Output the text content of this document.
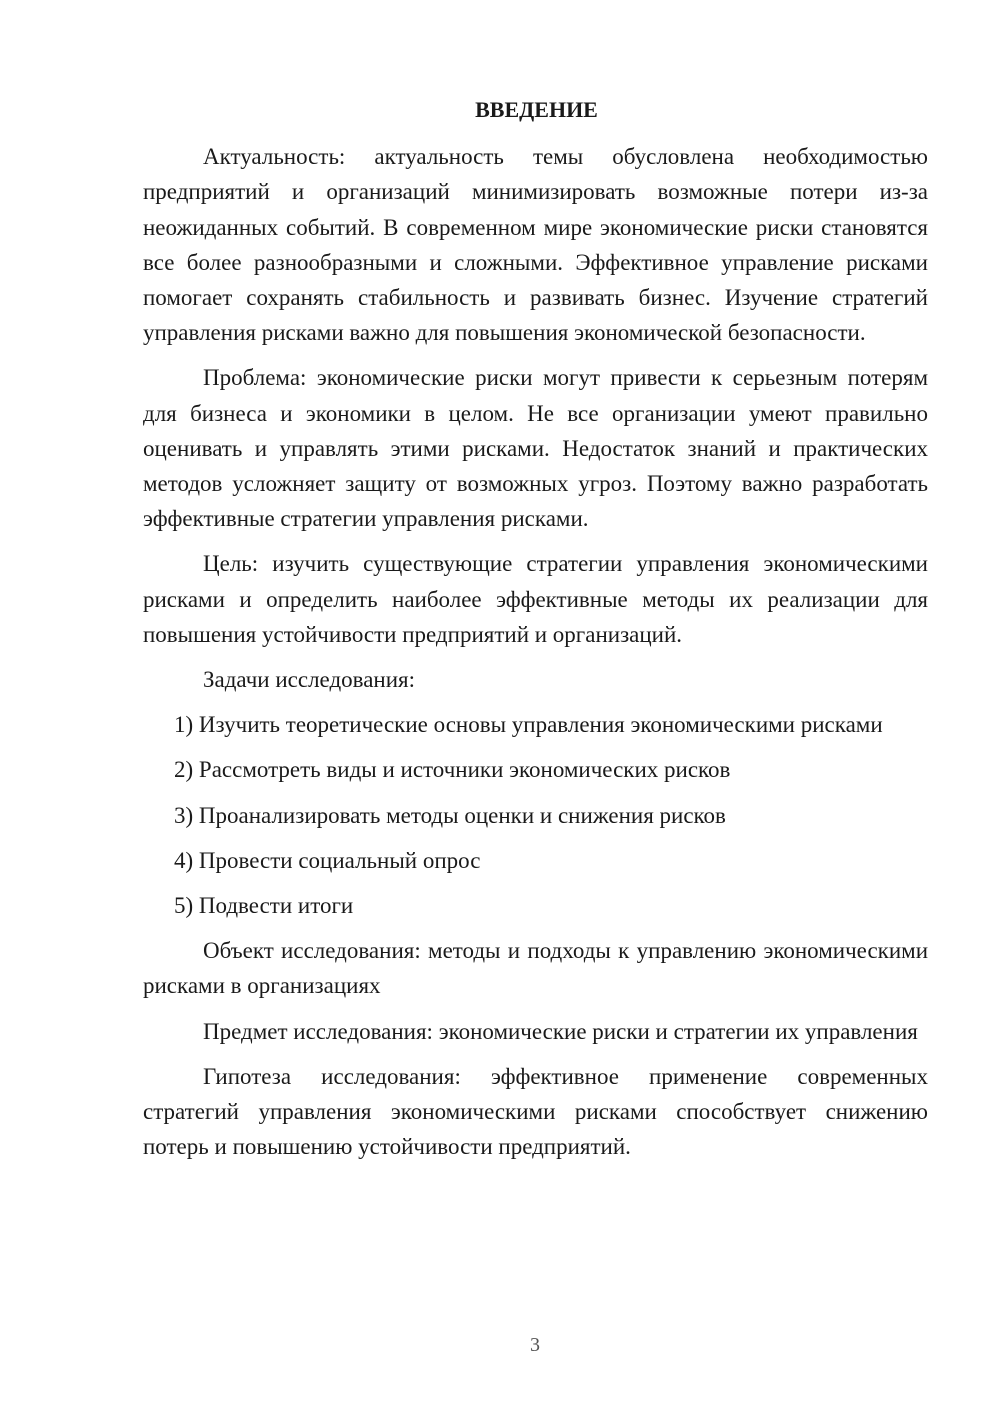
ВВЕДЕНИЕ

Актуальность: актуальность темы обусловлена необходимостью предприятий и организаций минимизировать возможные потери из-за неожиданных событий. В современном мире экономические риски становятся все более разнообразными и сложными. Эффективное управление рисками помогает сохранять стабильность и развивать бизнес. Изучение стратегий управления рисками важно для повышения экономической безопасности.

Проблема: экономические риски могут привести к серьезным потерям для бизнеса и экономики в целом. Не все организации умеют правильно оценивать и управлять этими рисками. Недостаток знаний и практических методов усложняет защиту от возможных угроз. Поэтому важно разработать эффективные стратегии управления рисками.

Цель: изучить существующие стратегии управления экономическими рисками и определить наиболее эффективные методы их реализации для повышения устойчивости предприятий и организаций.

Задачи исследования:

1) Изучить теоретические основы управления экономическими рисками

2) Рассмотреть виды и источники экономических рисков

3) Проанализировать методы оценки и снижения рисков

4) Провести социальный опрос

5) Подвести итоги

Объект исследования: методы и подходы к управлению экономическими рисками в организациях

Предмет исследования: экономические риски и стратегии их управления

Гипотеза исследования: эффективное применение современных стратегий управления экономическими рисками способствует снижению потерь и повышению устойчивости предприятий.

3
